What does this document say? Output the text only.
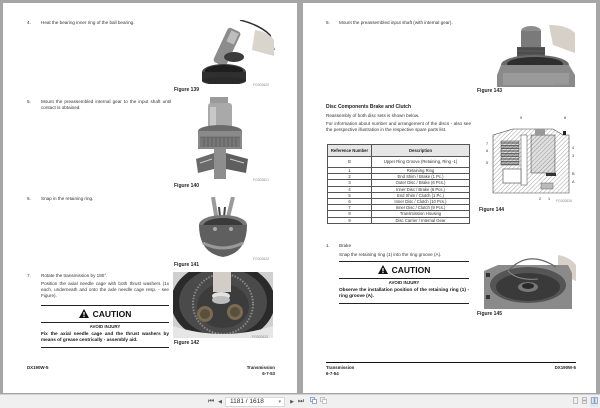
4. Heat the bearing inner ring of the ball bearing.
FG002620
Figure 139
5. Mount the preassembled internal gear to the input shaft until contact is obtained.
FG002621
Figure 140
6. Snap in the retaining ring.
FG002622
Figure 141
7. Rotate the transmission by 180°.
Position the axial needle cage with both thrust washers (1x each, underneath and onto the axle needle cage resp. - see Figure).
FG002623
Figure 142
CAUTION
AVOID INJURY
Fix the axial needle cage and the thrust washers by means of grease centrically - assembly aid.
DX190W-5	Transmission
6-7-53
8. Mount the preassembled input shaft (with internal gear).
FG002624
Figure 143
Disc Components Brake and Clutch
Reassembly of both disc sets is shown below.
For information about number and arrangement of the discs - also see the perspective illustration in the respective spare parts list.
Reference Number	Description
B	Upper Ring Groove (Retaining, Ring -1)
1	Retaining Ring
2	End Shim / Brake (1 Pc.)
3	Outer Disc / Brake (6 Pcs.)
4	Inner Disc / Brake (6 Pcs.)
5	End Shim / Clutch (1 Pc.)
6	Inner Disc / Clutch (10 Pcs.)
7	Inner Disc / Clutch (9 Pcs.)
8	Transmission Housing
9	Disc Carrier / Internal Gear
9	8
7
6
5
4
3
B
A
2 1 FG002626
Figure 144
1. Brake
Snap the retaining ring (1) into the ring groove (A).
CAUTION
AVOID INJURY
Observe the installation position of the retaining ring (1) - ring groove (A).
FG002629
Figure 145
Transmission
6-7-54
DX190W-5
⏮ ◀	1181 / 1618	▾	▶ ⏭
